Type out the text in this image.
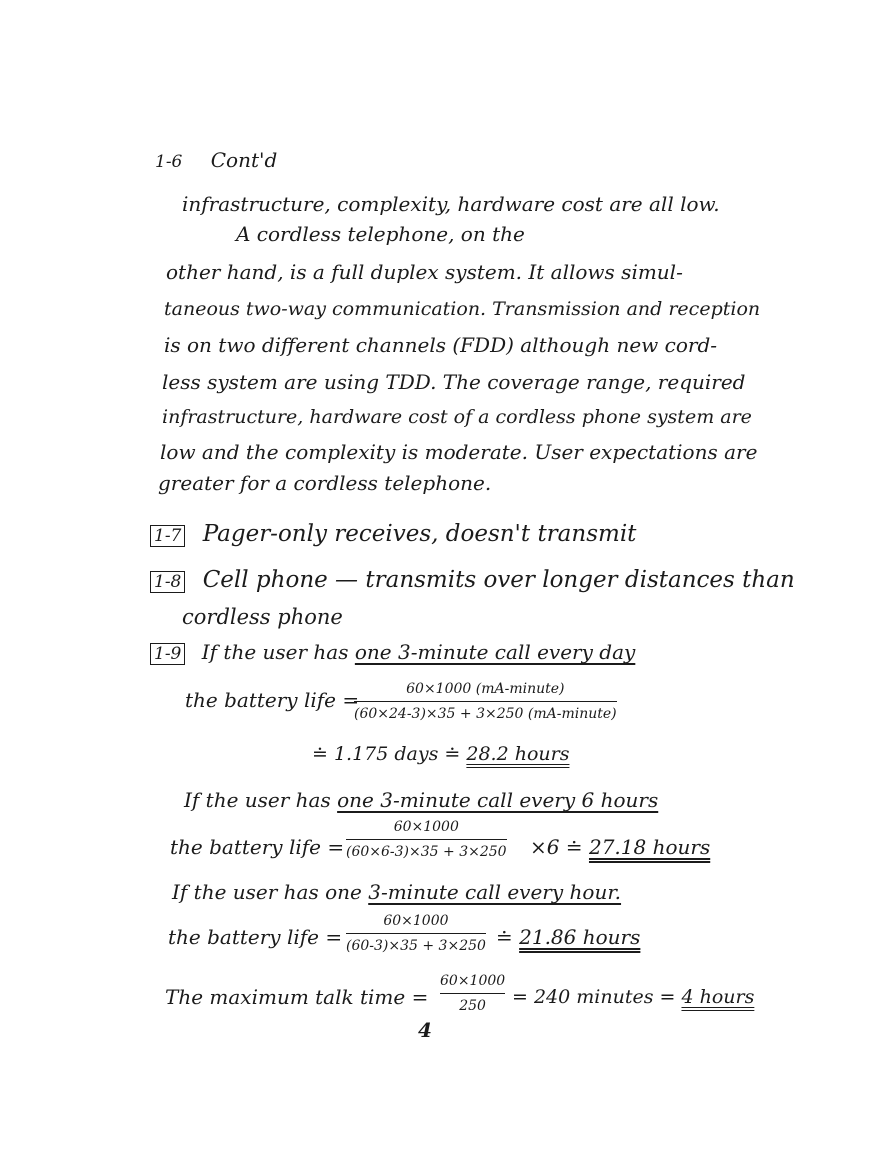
1-6 Cont'd
infrastructure, complexity, hardware cost are all low.
A cordless telephone, on the
other hand, is a full duplex system. It allows simul-
taneous two-way communication. Transmission and reception
is on two different channels (FDD) although new cord-
less system are using TDD. The coverage range, required
infrastructure, hardware cost of a cordless phone system are
low and the complexity is moderate. User expectations are
greater for a cordless telephone.
1-7 Pager-only receives, doesn't transmit
1-8 Cell phone — transmits over longer distances than
cordless phone
1-9 If the user has one 3-minute call every day
the battery life =	60×1000 (mA-minute)
(60×24-3)×35 + 3×250 (mA-minute)
≐ 1.175 days ≐ 28.2 hours
If the user has one 3-minute call every 6 hours
the battery life =
60×1000
(60×6-3)×35 + 3×250 ×6 ≐ 27.18 hours
If the user has one 3-minute call every hour.
the battery life =
60×1000
(60-3)×35 + 3×250 ≐ 21.86 hours
The maximum talk time =
60×1000
250 = 240 minutes = 4 hours
4
